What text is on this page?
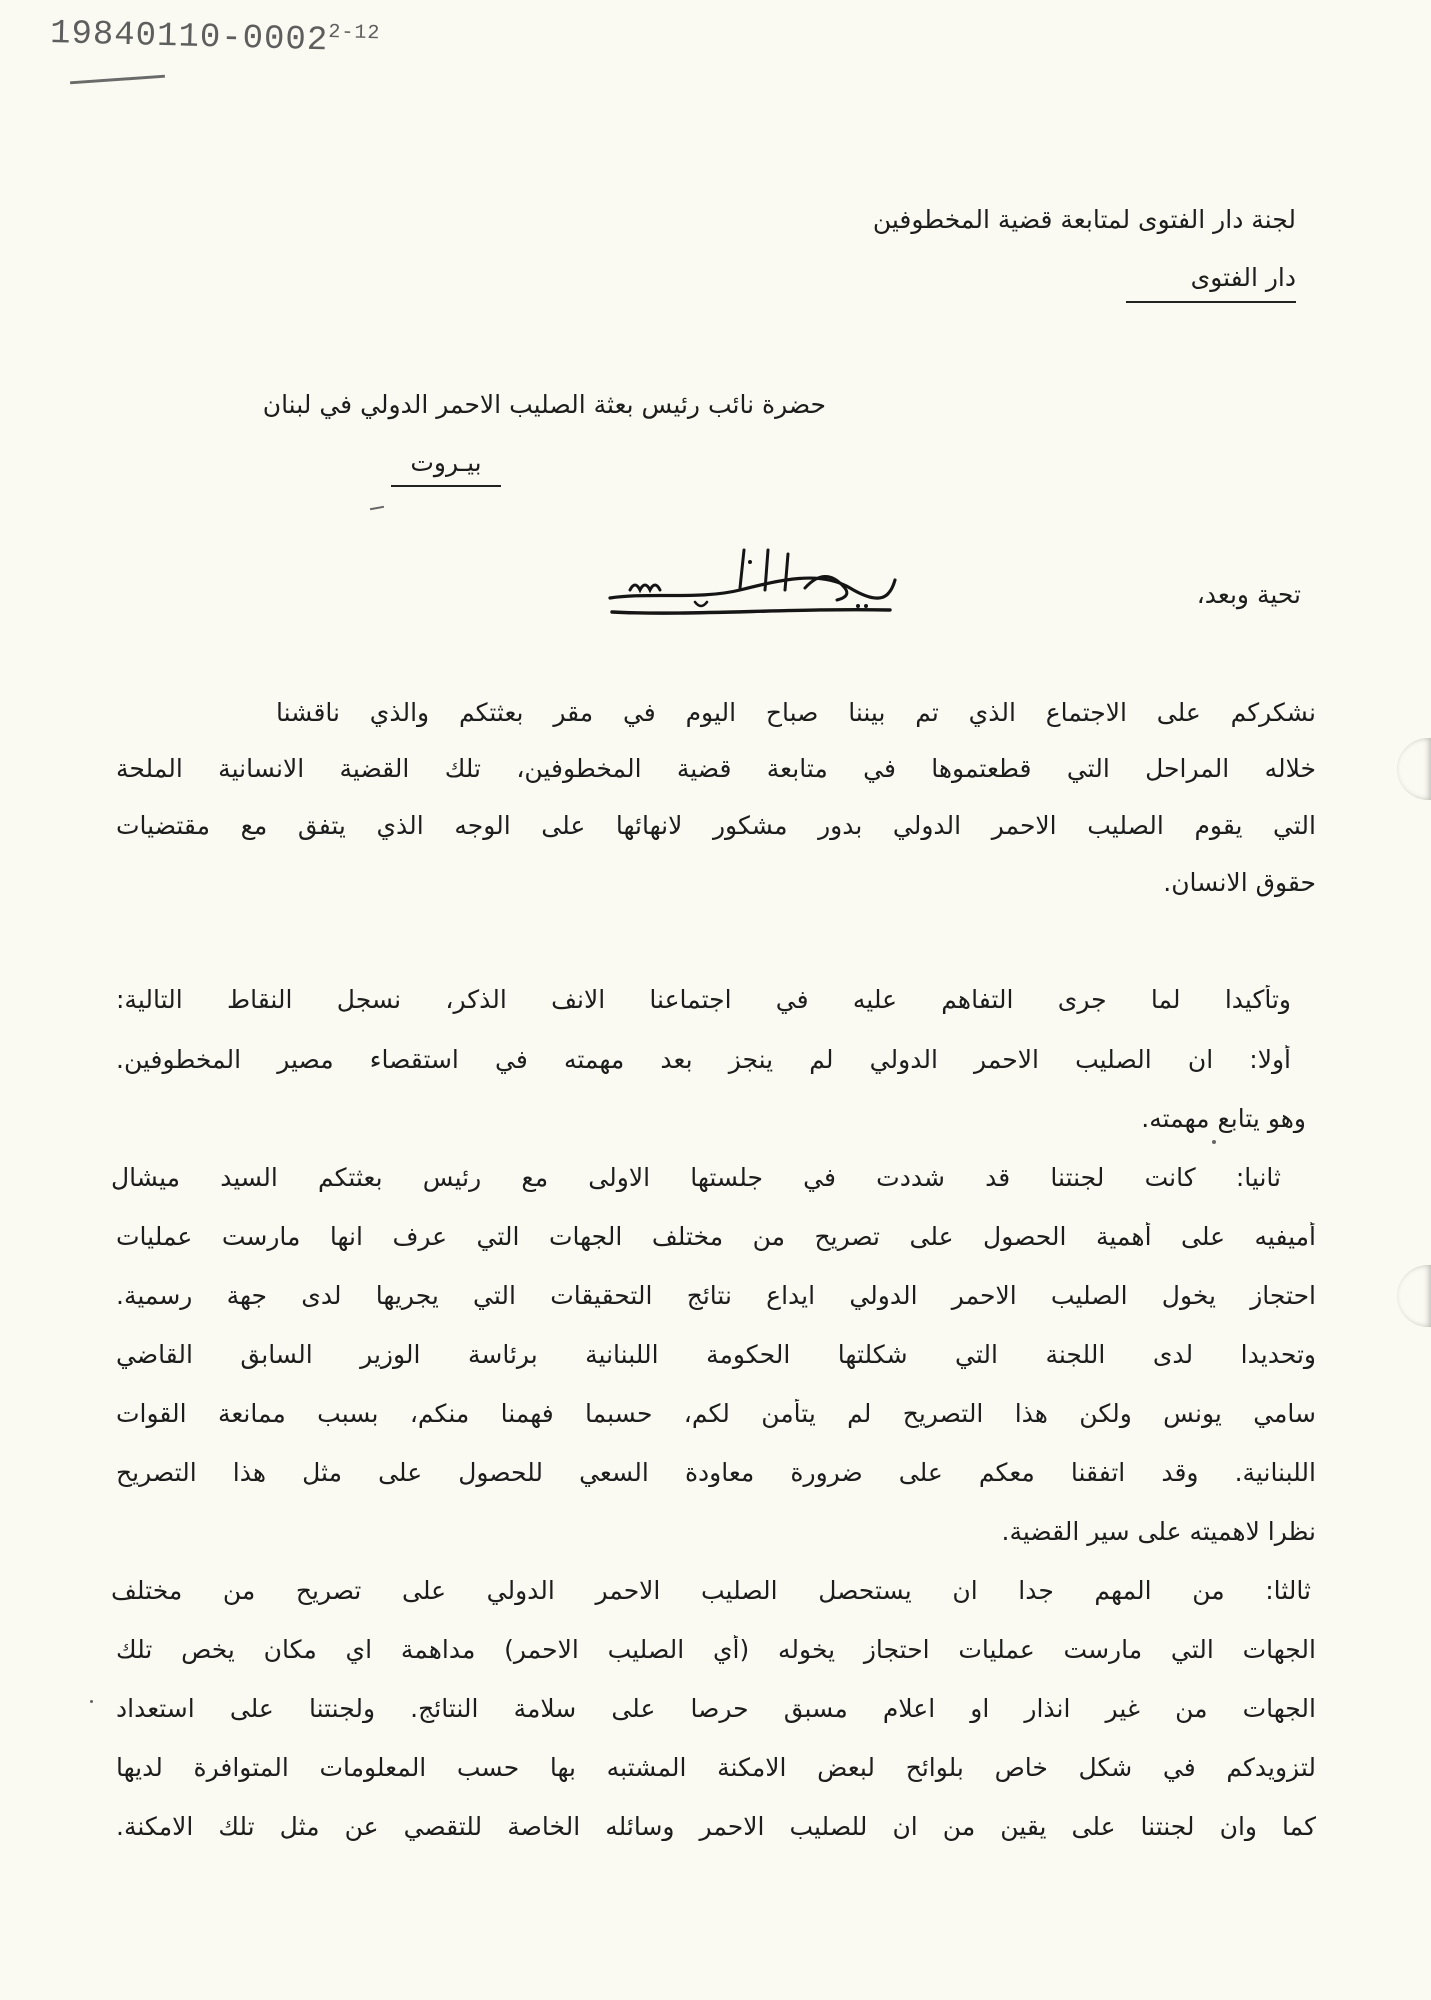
19840110-0002$^{2-12}$
لجنة دار الفتوى لمتابعة قضية المخطوفين
دار الفتوى
حضرة نائب رئيس بعثة الصليب الاحمر الدولي في لبنان
بيـروت
تحية وبعد،
نشكركم على الاجتماع الذي تم بيننا صباح اليوم في مقر بعثتكم والذي ناقشنا
خلاله المراحل التي قطعتموها في متابعة قضية المخطوفين، تلك القضية الانسانية الملحة
التي يقوم الصليب الاحمر الدولي بدور مشكور لانهائها على الوجه الذي يتفق مع مقتضيات
حقوق الانسان.
وتأكيدا لما جرى التفاهم عليه في اجتماعنا الانف الذكر، نسجل النقاط التالية:
أولا: ان الصليب الاحمر الدولي لم ينجز بعد مهمته في استقصاء مصير المخطوفين.
وهو يتابع مهمته.
ثانيا: كانت لجنتنا قد شددت في جلستها الاولى مع رئيس بعثتكم السيد ميشال
أميفيه على أهمية الحصول على تصريح من مختلف الجهات التي عرف انها مارست عمليات
احتجاز يخول الصليب الاحمر الدولي ايداع نتائج التحقيقات التي يجريها لدى جهة رسمية.
وتحديدا لدى اللجنة التي شكلتها الحكومة اللبنانية برئاسة الوزير السابق القاضي
سامي يونس ولكن هذا التصريح لم يتأمن لكم، حسبما فهمنا منكم، بسبب ممانعة القوات
اللبنانية. وقد اتفقنا معكم على ضرورة معاودة السعي للحصول على مثل هذا التصريح
نظرا لاهميته على سير القضية.
ثالثا: من المهم جدا ان يستحصل الصليب الاحمر الدولي على تصريح من مختلف
الجهات التي مارست عمليات احتجاز يخوله (أي الصليب الاحمر) مداهمة اي مكان يخص تلك
الجهات من غير انذار او اعلام مسبق حرصا على سلامة النتائج. ولجنتنا على استعداد
لتزويدكم في شكل خاص بلوائح لبعض الامكنة المشتبه بها حسب المعلومات المتوافرة لديها
كما وان لجنتنا على يقين من ان للصليب الاحمر وسائله الخاصة للتقصي عن مثل تلك الامكنة.
